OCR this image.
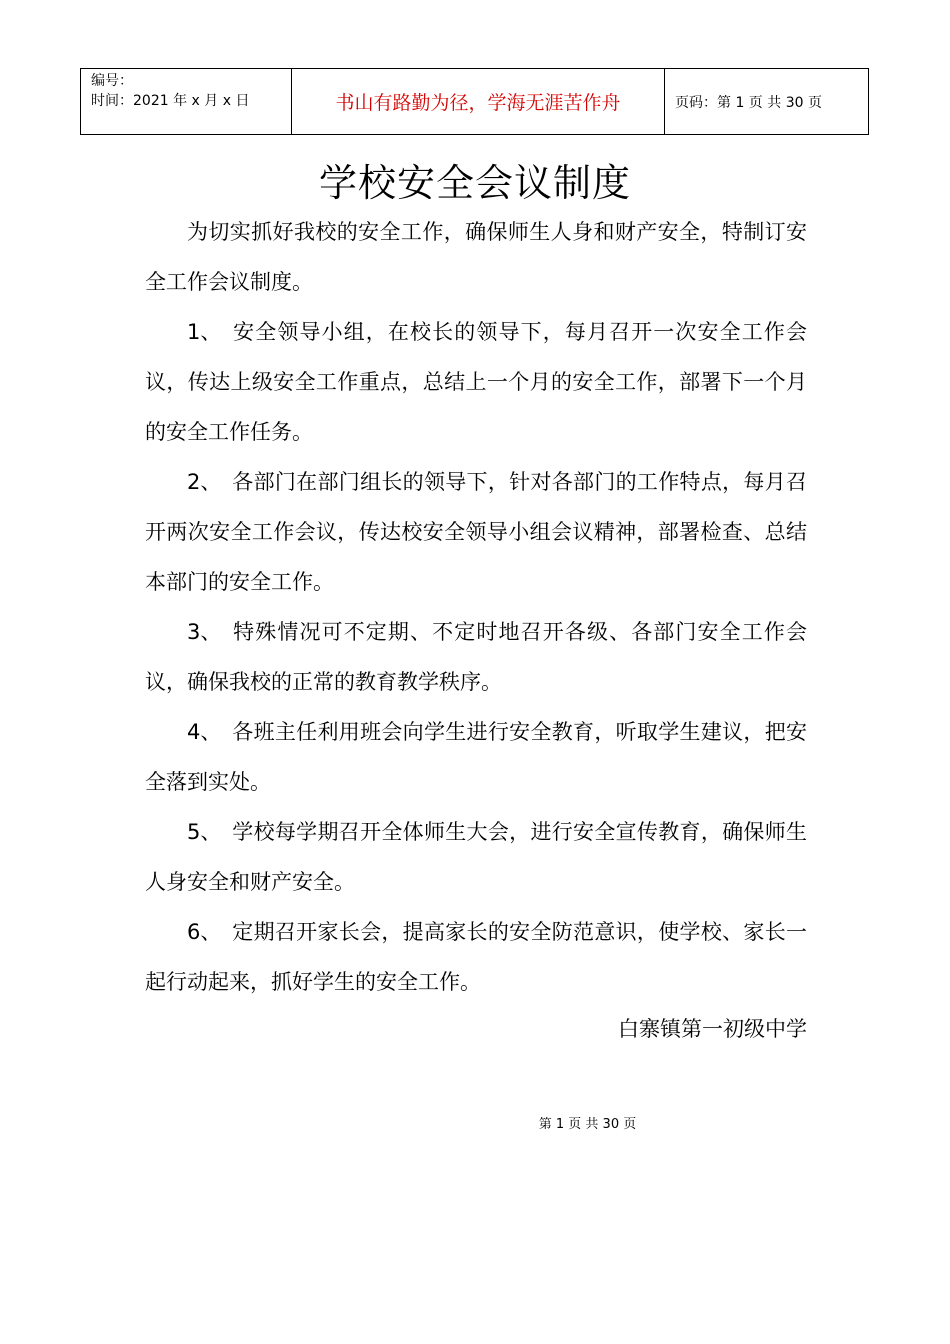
编号：
时间：2021 年 x 月 x 日	书山有路勤为径，学海无涯苦作舟	页码：第 1 页 共 30 页
学校安全会议制度

为切实抓好我校的安全工作，确保师生人身和财产安全，特制订安全工作会议制度。

1、 安全领导小组，在校长的领导下，每月召开一次安全工作会议，传达上级安全工作重点，总结上一个月的安全工作，部署下一个月的安全工作任务。

2、 各部门在部门组长的领导下，针对各部门的工作特点，每月召开两次安全工作会议，传达校安全领导小组会议精神，部署检查、总结本部门的安全工作。

3、 特殊情况可不定期、不定时地召开各级、各部门安全工作会议，确保我校的正常的教育教学秩序。

4、 各班主任利用班会向学生进行安全教育，听取学生建议，把安全落到实处。

5、 学校每学期召开全体师生大会，进行安全宣传教育，确保师生人身安全和财产安全。

6、 定期召开家长会，提高家长的安全防范意识，使学校、家长一起行动起来，抓好学生的安全工作。

白寨镇第一初级中学
第 1 页 共 30 页
